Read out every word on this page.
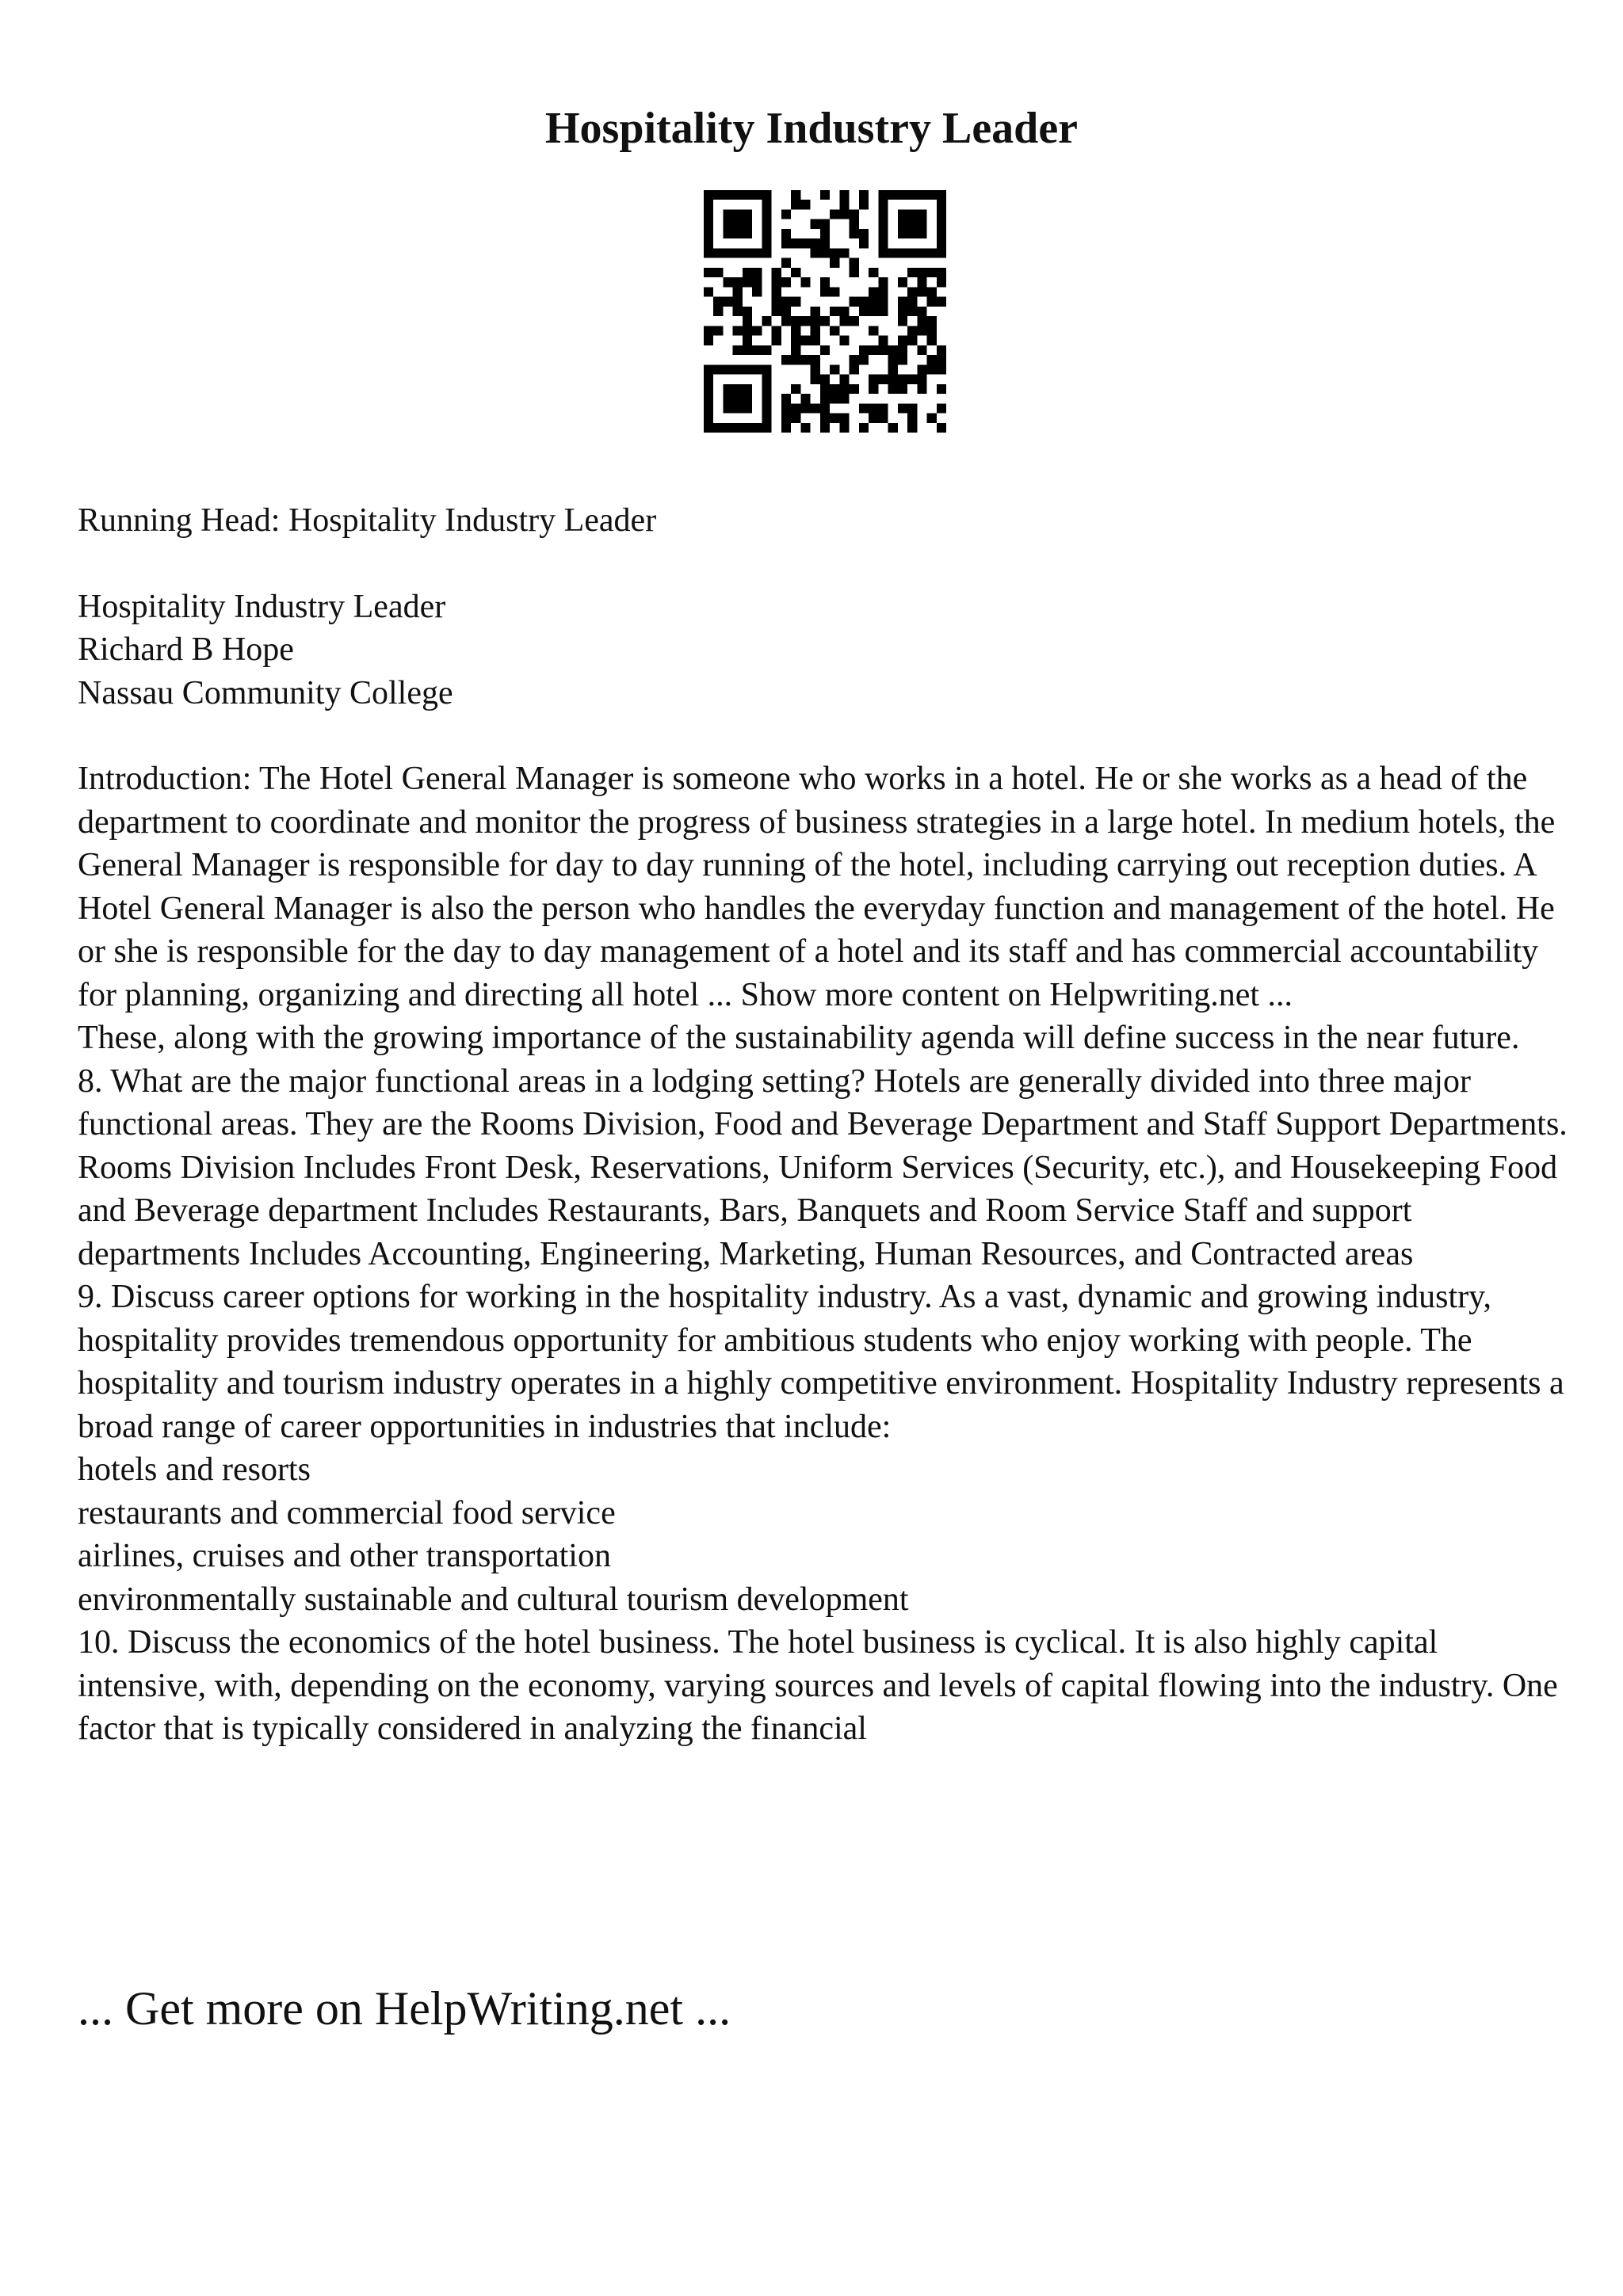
Hospitality Industry Leader

Running Head: Hospitality Industry Leader

Hospitality Industry Leader

Richard B Hope

Nassau Community College

Introduction: The Hotel General Manager is someone who works in a hotel. He or she works as a head of the department to coordinate and monitor the progress of business strategies in a large hotel. In medium hotels, the General Manager is responsible for day to day running of the hotel, including carrying out reception duties. A Hotel General Manager is also the person who handles the everyday function and management of the hotel. He or she is responsible for the day to day management of a hotel and its staff and has commercial accountability for planning, organizing and directing all hotel ... Show more content on Helpwriting.net ...

These, along with the growing importance of the sustainability agenda will define success in the near future.

8. What are the major functional areas in a lodging setting? Hotels are generally divided into three major functional areas. They are the Rooms Division, Food and Beverage Department and Staff Support Departments.

Rooms Division Includes Front Desk, Reservations, Uniform Services (Security, etc.), and Housekeeping Food and Beverage department Includes Restaurants, Bars, Banquets and Room Service Staff and support departments Includes Accounting, Engineering, Marketing, Human Resources, and Contracted areas

9. Discuss career options for working in the hospitality industry. As a vast, dynamic and growing industry, hospitality provides tremendous opportunity for ambitious students who enjoy working with people. The hospitality and tourism industry operates in a highly competitive environment. Hospitality Industry represents a broad range of career opportunities in industries that include:

hotels and resorts

restaurants and commercial food service

airlines, cruises and other transportation

environmentally sustainable and cultural tourism development

10. Discuss the economics of the hotel business. The hotel business is cyclical. It is also highly capital intensive, with, depending on the economy, varying sources and levels of capital flowing into the industry. One factor that is typically considered in analyzing the financial

... Get more on HelpWriting.net ...
